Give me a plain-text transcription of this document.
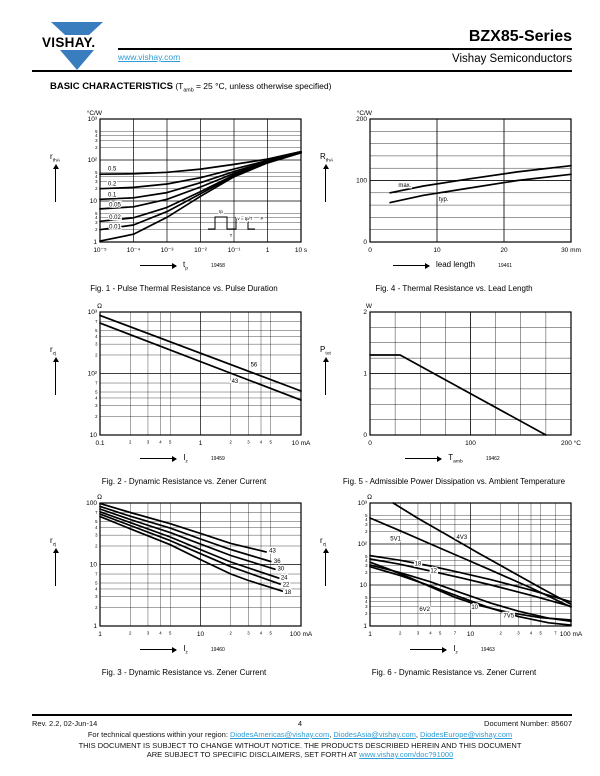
VISHAY.	BZX85-Series
www.vishay.com	Vishay Semiconductors
BASIC CHARACTERISTICS ($T_{amb} = 25$ °C, unless otherwise specified)
$r_{thA}$
10⁻⁵	10⁻⁴	10⁻³	10⁻²	10⁻¹	1	10 s
10³
10²
10
1
2
3
4
5
2
3
4
5
2
3
4
5
°C/W
0.5
0.2
0.1
0.05
0.02
0.01
tp
v = tp/T
T
P
$t_p$
19458
Fig. 1 - Pulse Thermal Resistance vs. Pulse Duration
$R_{thA}$
0	10	20	30 mm
200
100
0
°C/W
max.
typ.
lead length	19461
Fig. 4 - Thermal Resistance vs. Lead Length
$r_{zj}$
0.1	1	10 mA
10³
10²
10
2	3 4 5	2	3 4 5
2
3
4
5
7
2
3
4
5
7
Ω
56
43
$I_z$
19459
Fig. 2 - Dynamic Resistance vs. Zener Current
$P_{tot}$
0	100	200 °C
2
1
0
W
$T_{amb}$
19462
Fig. 5 - Admissible Power Dissipation vs. Ambient Temperature
$r_{zj}$
1	10	100 mA
100
10
1
2	3 4 5	2	3 4 5
2
3
4
5
7
2
3
4
5
7
Ω
43
36
30
24
22
18
$I_z$
19460
Fig. 3 - Dynamic Resistance vs. Zener Current
$r_{zj}$
1	10	100 mA
10³
10²
10
1
2	3 4 5	7	2	3 4 5	7
2
3
4
5
2
3
4
5
2
3
4
5
Ω
5V1	4V3
18
12
6V2	10
7V5
$I_z$
19463
Fig. 6 - Dynamic Resistance vs. Zener Current
Rev. 2.2, 02-Jun-14	4	Document Number: 85607
For technical questions within your region: DiodesAmericas@vishay.com, DiodesAsia@vishay.com, DiodesEurope@vishay.com
THIS DOCUMENT IS SUBJECT TO CHANGE WITHOUT NOTICE. THE PRODUCTS DESCRIBED HEREIN AND THIS DOCUMENT
ARE SUBJECT TO SPECIFIC DISCLAIMERS, SET FORTH AT www.vishay.com/doc?91000
